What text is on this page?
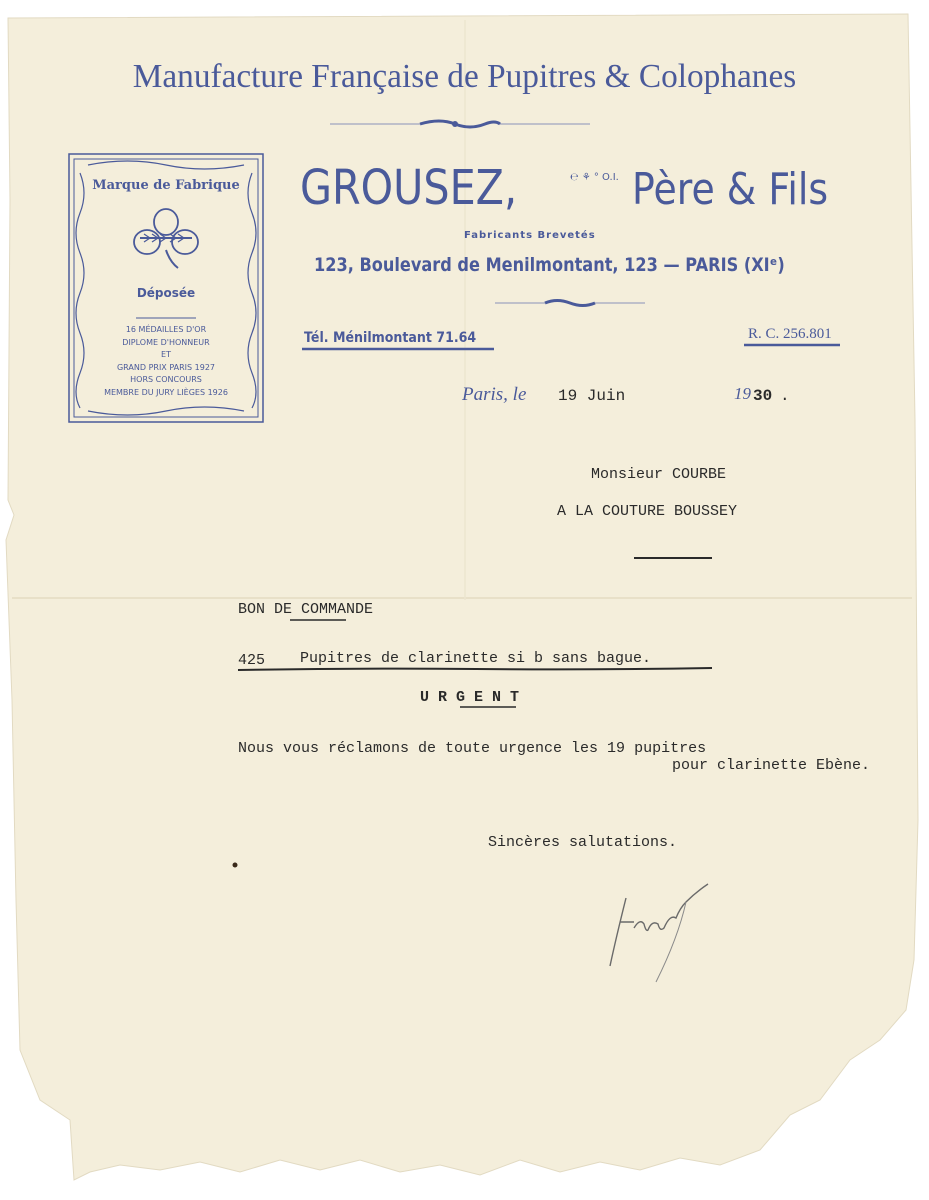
Manufacture Française de Pupitres & Colophanes
GROUSEZ,	℮ ⚘ ° O.I. Père & Fils
Fabricants Brevetés
123, Boulevard de Menilmontant, 123 — PARIS (XIᵉ)
Tél. Ménilmontant 71.64	R. C. 256.801
Marque de Fabrique
Déposée
16 MÉDAILLES D'OR
DIPLOME D'HONNEUR
ET
GRAND PRIX PARIS 1927
HORS CONCOURS
MEMBRE DU JURY LIÈGES 1926	Paris, le 19 Juin	19 30 .
Monsieur COURBE
A LA COUTURE BOUSSEY
BON DE COMMANDE
425 Pupitres de clarinette si b sans bague.
U R G E N T
Nous vous réclamons de toute urgence les 19 pupitres
pour clarinette Ebène.
Sincères salutations.
